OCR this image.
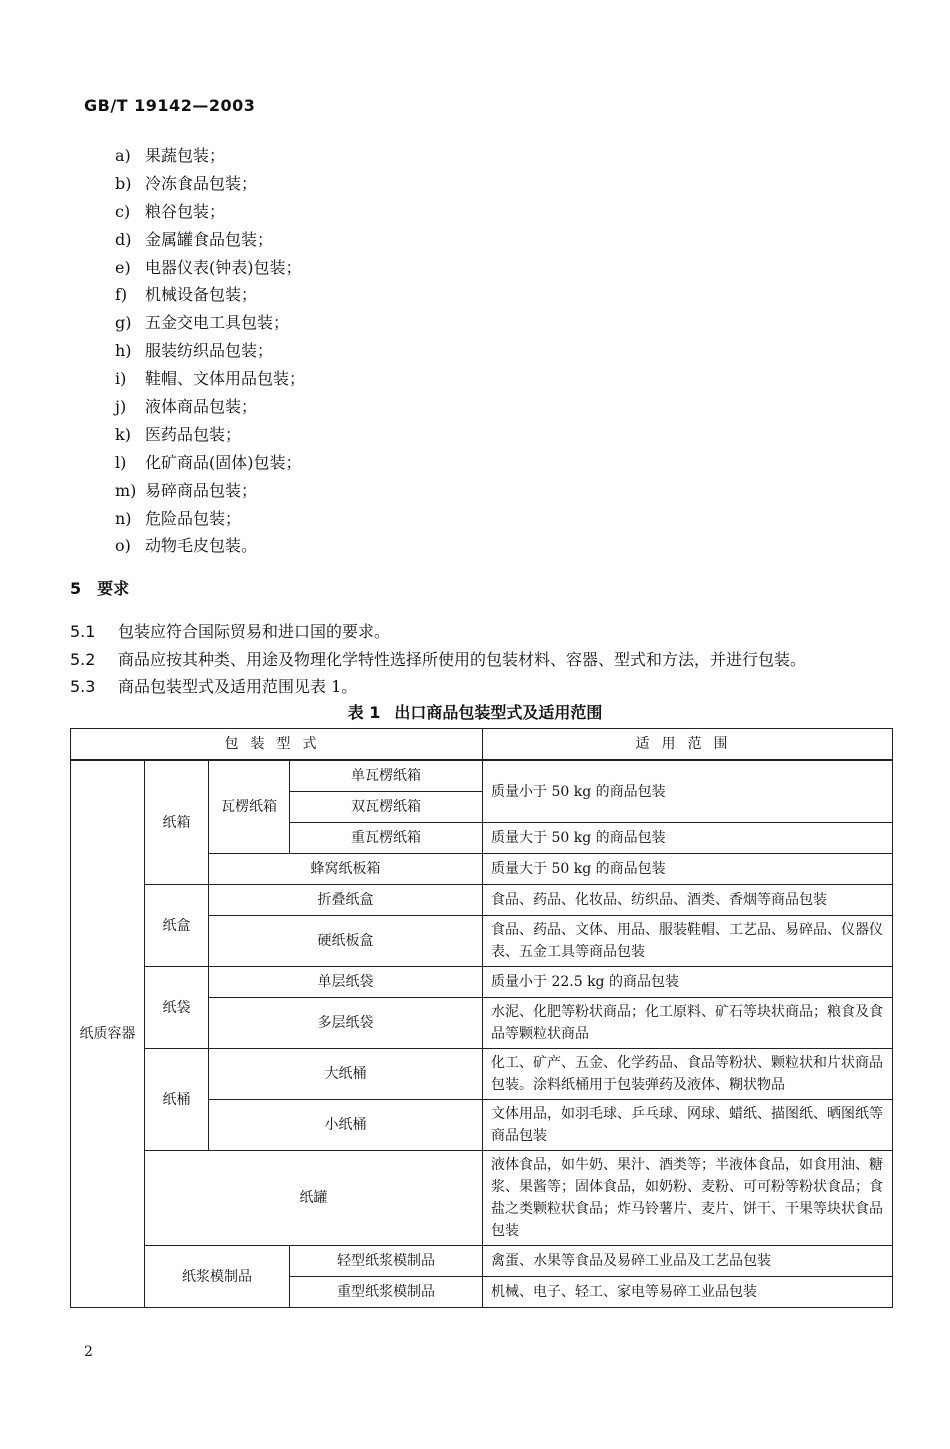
GB/T 19142—2003
a) 果蔬包装；
b) 冷冻食品包装；
c) 粮谷包装；
d) 金属罐食品包装；
e) 电器仪表(钟表)包装；
f) 机械设备包装；
g) 五金交电工具包装；
h) 服装纺织品包装；
i) 鞋帽、文体用品包装；
j) 液体商品包装；
k) 医药品包装；
l) 化矿商品(固体)包装；
m) 易碎商品包装；
n) 危险品包装；
o) 动物毛皮包装。
5 要求
5.1 包装应符合国际贸易和进口国的要求。
5.2 商品应按其种类、用途及物理化学特性选择所使用的包装材料、容器、型式和方法，并进行包装。
5.3 商品包装型式及适用范围见表 1。
表 1 出口商品包装型式及适用范围
包装型式				适用范围
纸质容器	纸箱	瓦楞纸箱	单瓦楞纸箱	质量小于 50 kg 的商品包装
			双瓦楞纸箱	
			重瓦楞纸箱	质量大于 50 kg 的商品包装
		蜂窝纸板箱		质量大于 50 kg 的商品包装
	纸盒	折叠纸盒		食品、药品、化妆品、纺织品、酒类、香烟等商品包装
		硬纸板盒		食品、药品、文体、用品、服装鞋帽、工艺品、易碎品、仪器仪表、五金工具等商品包装
	纸袋	单层纸袋		质量小于 22.5 kg 的商品包装
		多层纸袋		水泥、化肥等粉状商品；化工原料、矿石等块状商品；粮食及食品等颗粒状商品
	纸桶	大纸桶		化工、矿产、五金、化学药品、食品等粉状、颗粒状和片状商品包装。涂料纸桶用于包装弹药及液体、糊状物品
		小纸桶		文体用品，如羽毛球、乒乓球、网球、蜡纸、描图纸、晒图纸等商品包装
	纸罐			液体食品，如牛奶、果汁、酒类等；半液体食品，如食用油、糖浆、果酱等；固体食品，如奶粉、麦粉、可可粉等粉状食品；食盐之类颗粒状食品；炸马铃薯片、麦片、饼干、干果等块状食品包装
	纸浆模制品		轻型纸浆模制品	禽蛋、水果等食品及易碎工业品及工艺品包装
			重型纸浆模制品	机械、电子、轻工、家电等易碎工业品包装
2
